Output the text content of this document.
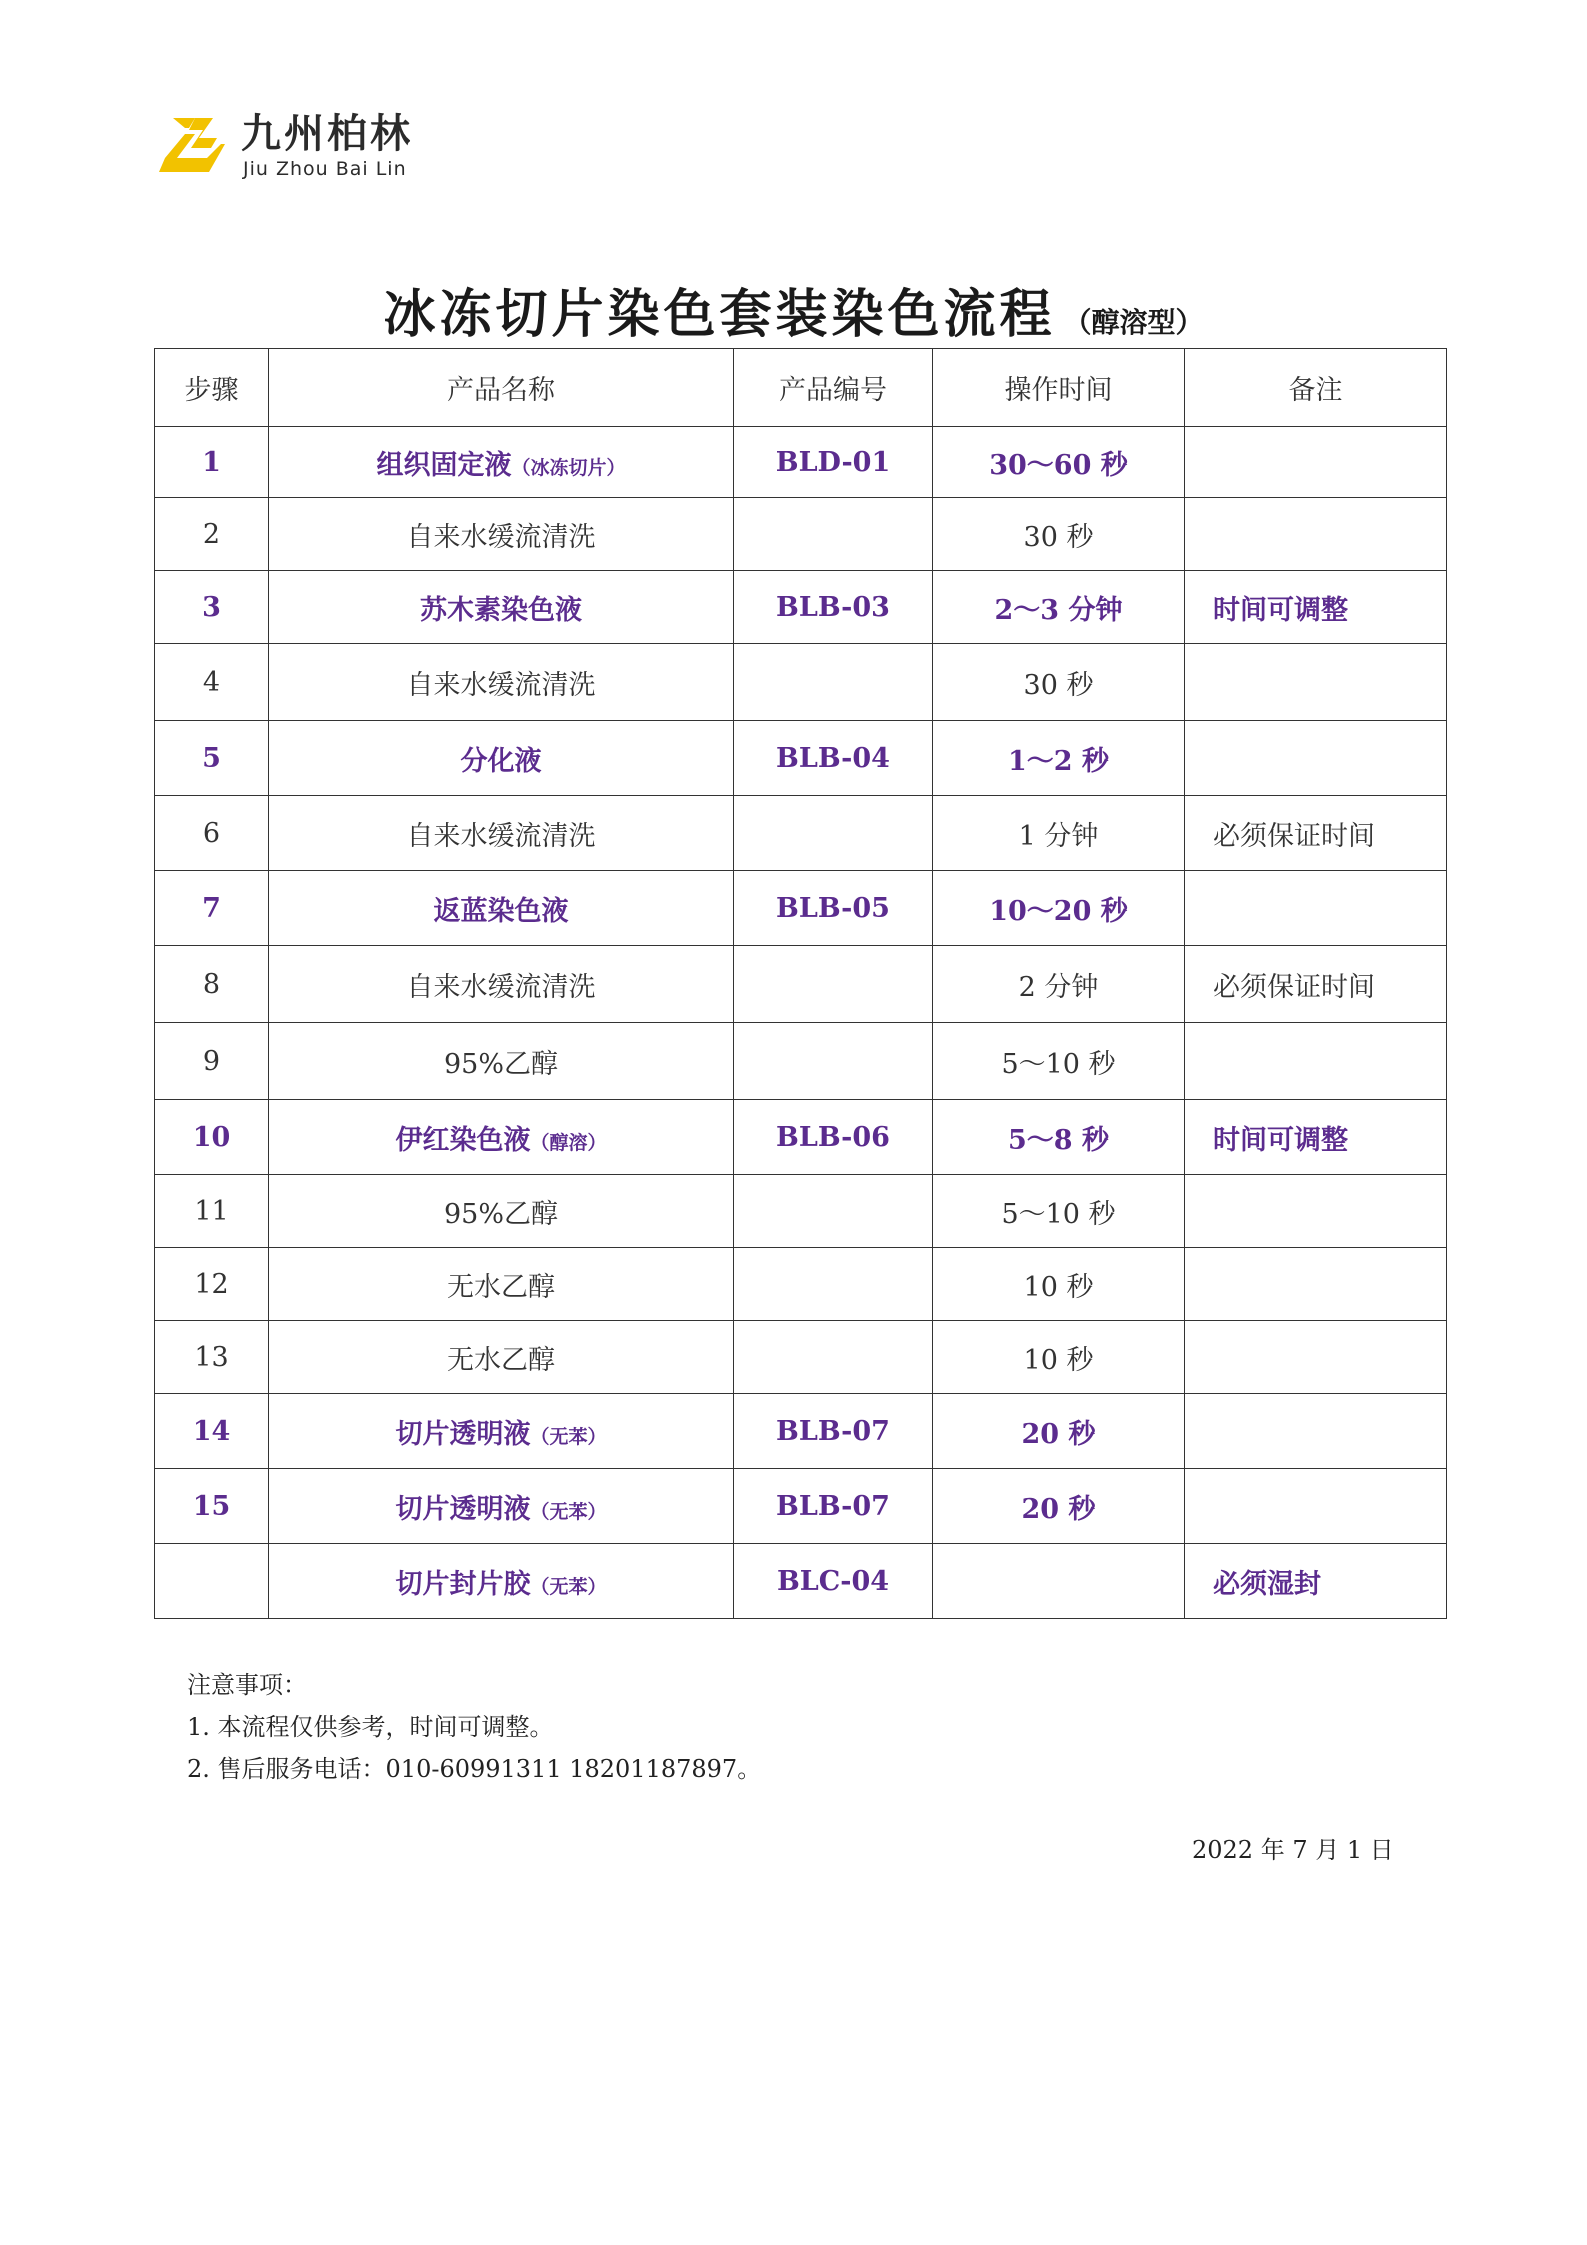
九州柏林
Jiu Zhou Bai Lin
冰冻切片染色套装染色流程 （醇溶型）
步骤	产品名称	产品编号	操作时间	备注
1	组织固定液（冰冻切片）	BLD-01	30～60 秒	
2	自来水缓流清洗		30 秒	
3	苏木素染色液	BLB-03	2～3 分钟	时间可调整
4	自来水缓流清洗		30 秒	
5	分化液	BLB-04	1～2 秒	
6	自来水缓流清洗		1 分钟	必须保证时间
7	返蓝染色液	BLB-05	10～20 秒	
8	自来水缓流清洗		2 分钟	必须保证时间
9	95%乙醇		5～10 秒	
10	伊红染色液（醇溶）	BLB-06	5～8 秒	时间可调整
11	95%乙醇		5～10 秒	
12	无水乙醇		10 秒	
13	无水乙醇		10 秒	
14	切片透明液（无苯）	BLB-07	20 秒	
15	切片透明液（无苯）	BLB-07	20 秒	
	切片封片胶（无苯）	BLC-04		必须湿封
注意事项：
1. 本流程仅供参考，时间可调整。
2. 售后服务电话：010-60991311 18201187897。
2022 年 7 月 1 日
